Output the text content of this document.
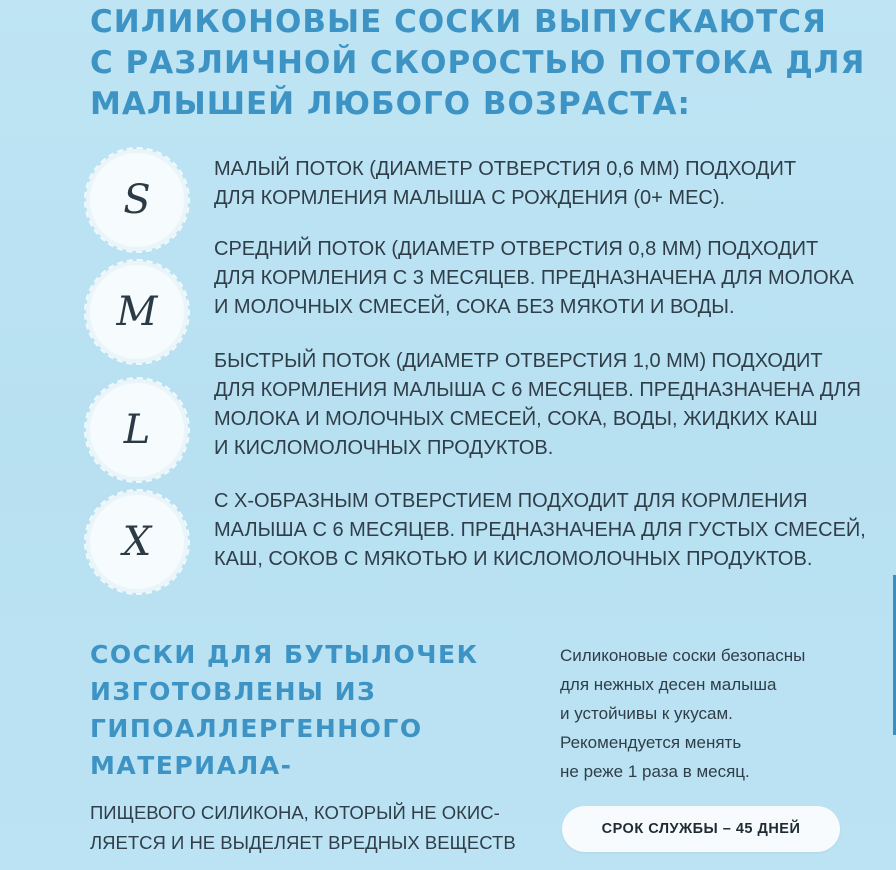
СИЛИКОНОВЫЕ СОСКИ ВЫПУСКАЮТСЯ
С РАЗЛИЧНОЙ СКОРОСТЬЮ ПОТОКА ДЛЯ
МАЛЫШЕЙ ЛЮБОГО ВОЗРАСТА:
S
МАЛЫЙ ПОТОК (ДИАМЕТР ОТВЕРСТИЯ 0,6 ММ) ПОДХОДИТ
ДЛЯ КОРМЛЕНИЯ МАЛЫША С РОЖДЕНИЯ (0+ МЕС).
M
СРЕДНИЙ ПОТОК (ДИАМЕТР ОТВЕРСТИЯ 0,8 ММ) ПОДХОДИТ
ДЛЯ КОРМЛЕНИЯ С 3 МЕСЯЦЕВ. ПРЕДНАЗНАЧЕНА ДЛЯ МОЛОКА
И МОЛОЧНЫХ СМЕСЕЙ, СОКА БЕЗ МЯКОТИ И ВОДЫ.
L
БЫСТРЫЙ ПОТОК (ДИАМЕТР ОТВЕРСТИЯ 1,0 ММ) ПОДХОДИТ
ДЛЯ КОРМЛЕНИЯ МАЛЫША С 6 МЕСЯЦЕВ. ПРЕДНАЗНАЧЕНА ДЛЯ
МОЛОКА И МОЛОЧНЫХ СМЕСЕЙ, СОКА, ВОДЫ, ЖИДКИХ КАШ
И КИСЛОМОЛОЧНЫХ ПРОДУКТОВ.
X
С Х-ОБРАЗНЫМ ОТВЕРСТИЕМ ПОДХОДИТ ДЛЯ КОРМЛЕНИЯ
МАЛЫША С 6 МЕСЯЦЕВ. ПРЕДНАЗНАЧЕНА ДЛЯ ГУСТЫХ СМЕСЕЙ,
КАШ, СОКОВ С МЯКОТЬЮ И КИСЛОМОЛОЧНЫХ ПРОДУКТОВ.
СОСКИ ДЛЯ БУТЫЛОЧЕК
ИЗГОТОВЛЕНЫ ИЗ
ГИПОАЛЛЕРГЕННОГО
МАТЕРИАЛА-
ПИЩЕВОГО СИЛИКОНА, КОТОРЫЙ НЕ ОКИС-
ЛЯЕТСЯ И НЕ ВЫДЕЛЯЕТ ВРЕДНЫХ ВЕЩЕСТВ
Силиконовые соски безопасны
для нежных десен малыша
и устойчивы к укусам.
Рекомендуется менять
не реже 1 раза в месяц.
СРОК СЛУЖБЫ – 45 ДНЕЙ
